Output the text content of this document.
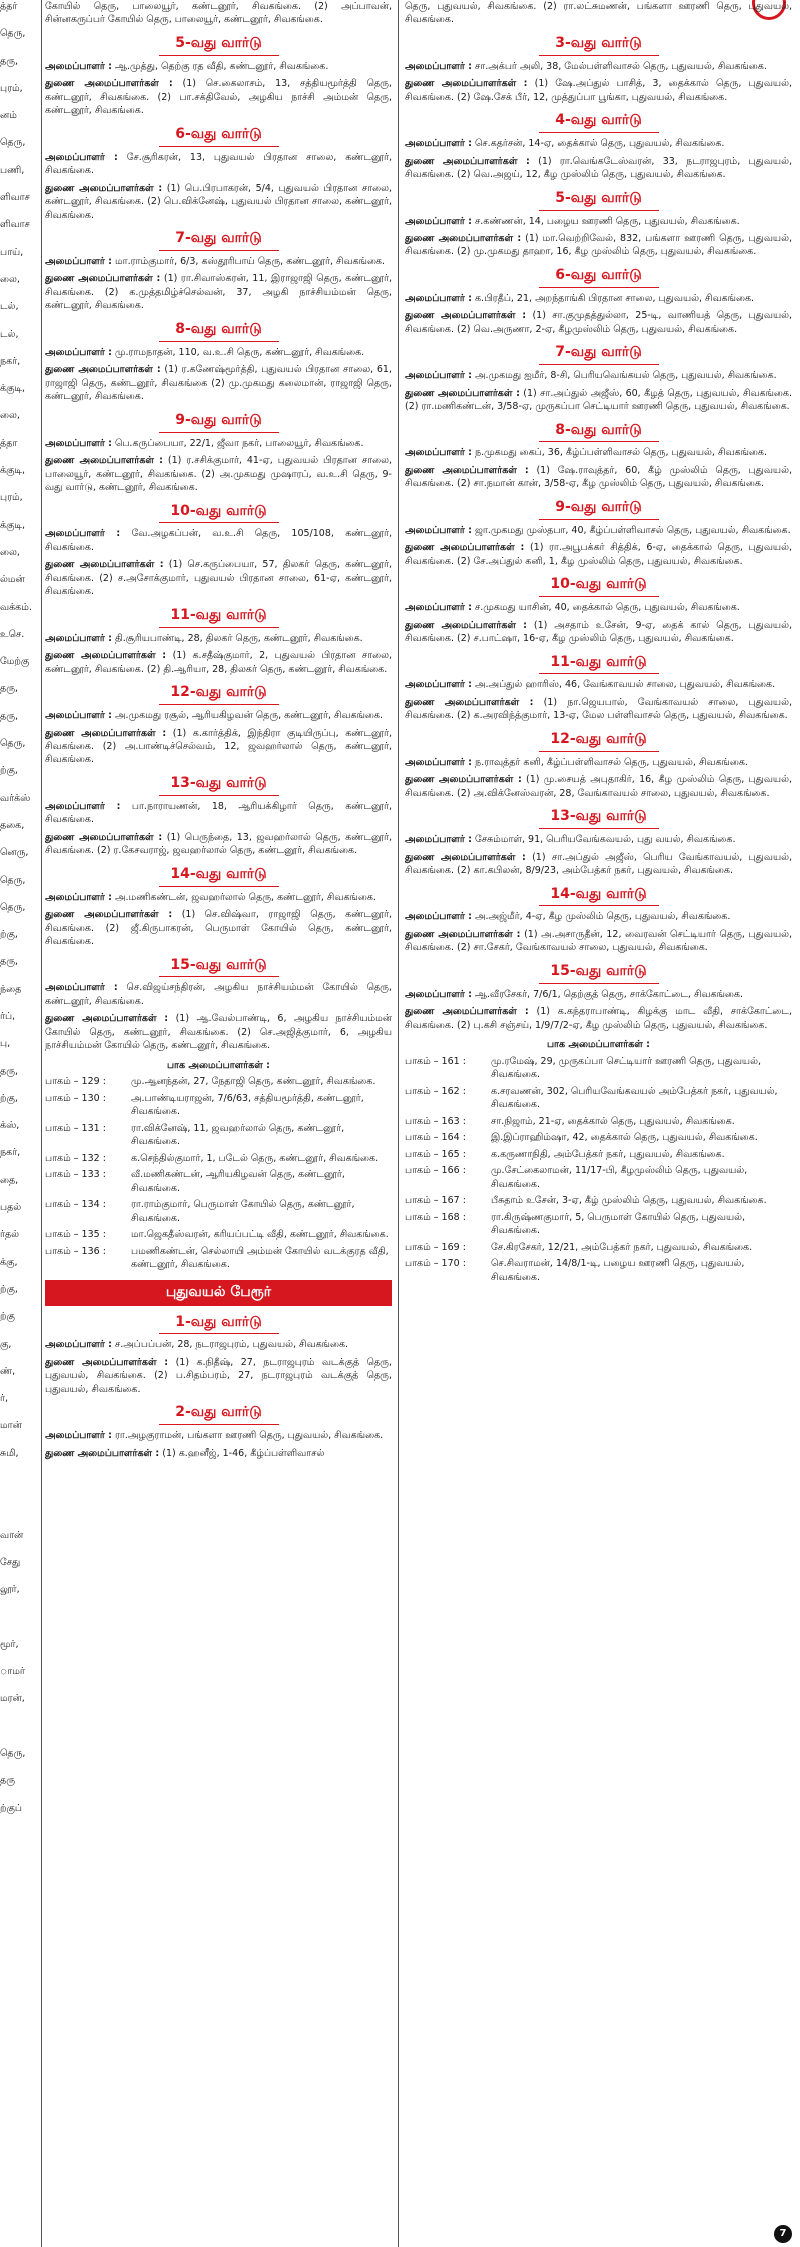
த்தர்
தெரு,
தரு,
புரம்,
னம்
தெரு,
பணி,
ளிவாச
ளிவாச
பாய்,
லை,
டல்,
டல்,
நகர்,
க்குடி,
லை,
த்தா
க்குடி,
புரம்,
க்குடி,
லை,
ல்மன்
வக்கம்.
உசெ.
மேற்கு
தரு,
தரு,
தெரு,
ற்கு,
வர்க்ஸ்
தகை,
னெரு,
தெரு,
தெரு,
ற்கு,
தரு,
ந்தை
ர்ப்,
பு,
தரு,
ற்கு,
க்ஸ்,
நகர்,
தை,
பதல்
ர்தல்
க்கு,
ற்கு,
ற்கு
கு,
ண்,
ர்,
மான்
சுமி,
வான்
சேது
லூர்,
மூர்,
ாமர்
மரன்,
தெரு,
தரு
ற்குப்
கோயில் தெரு, பாலையூர், கண்டனூர், சிவகங்கை. (2) அப்பாவன், சின்னகருப்பர் கோயில் தெரு, பாலையூர், கண்டனூர், சிவகங்கை.
5-வது வார்டு
அமைப்பாளர் : ஆ.முத்து, தெற்கு ரத வீதி, கண்டனூர், சிவகங்கை.
துணை அமைப்பாளர்கள் : (1) செ.கைலாசம், 13, சத்தியமூர்த்தி தெரு, கண்டனூர், சிவகங்கை. (2) பா.சக்திவேல், அழகிய நாச்சி அம்மன் தெரு, கண்டனூர், சிவகங்கை.
6-வது வார்டு
அமைப்பாளர் : சே.சூரிகரன், 13, புதுவயல் பிரதான சாலை, கண்டனூர், சிவகங்கை.
துணை அமைப்பாளர்கள் : (1) பெ.பிரபாகரன், 5/4, புதுவயல் பிரதான சாலை, கண்டனூர், சிவகங்கை. (2) பெ.விக்னேஷ், புதுவயல் பிரதான சாலை, கண்டனூர், சிவகங்கை.
7-வது வார்டு
அமைப்பாளர் : மா.ராம்குமார், 6/3, கஸ்தூரிபாய் தெரு, கண்டனூர், சிவகங்கை.
துணை அமைப்பாளர்கள் : (1) ரா.சிவாஸ்கரன், 11, இராஜாஜி தெரு, கண்டனூர், சிவகங்கை. (2) க.முத்தமிழ்ச்செல்வன், 37, அழகி நாச்சியம்மன் தெரு, கண்டனூர், சிவகங்கை.
8-வது வார்டு
அமைப்பாளர் : மு.ராமநாதன், 110, வ.உ.சி தெரு, கண்டனூர், சிவகங்கை.
துணை அமைப்பாளர்கள் : (1) ர.கணேஷ்மூர்த்தி, புதுவயல் பிரதான சாலை, 61, ராஜாஜி தெரு, கண்டனூர், சிவகங்கை (2) மு.முகமது கலைமான், ராஜாஜி தெரு, கண்டனூர், சிவகங்கை.
9-வது வார்டு
அமைப்பாளர் : பெ.கருப்பையா, 22/1, ஜீவா நகர், பாலையூர், சிவகங்கை.
துணை அமைப்பாளர்கள் : (1) ர.சசிக்குமார், 41-ஏ, புதுவயல் பிரதான சாலை, பாலையூர், கண்டனூர், சிவகங்கை. (2) அ.முகமது முஷாரப், வ.உ.சி தெரு, 9-வது வார்டு, கண்டனூர், சிவகங்கை.
10-வது வார்டு
அமைப்பாளர் : வே.அழகப்பன், வ.உ.சி தெரு, 105/108, கண்டனூர், சிவகங்கை.
துணை அமைப்பாளர்கள் : (1) செ.கருப்பையா, 57, திலகர் தெரு, கண்டனூர், சிவகங்கை. (2) ச.அசோக்குமார், புதுவயல் பிரதான சாலை, 61-ஏ, கண்டனூர், சிவகங்கை.
11-வது வார்டு
அமைப்பாளர் : தி.சூரியபாண்டி, 28, திலகர் தெரு, கண்டனூர், சிவகங்கை.
துணை அமைப்பாளர்கள் : (1) க.சதீஷ்குமார், 2, புதுவயல் பிரதான சாலை, கண்டனூர், சிவகங்கை. (2) தி.ஆரியா, 28, திலகர் தெரு, கண்டனூர், சிவகங்கை.
12-வது வார்டு
அமைப்பாளர் : அ.முகமது ரசூல், ஆரியகிழவன் தெரு, கண்டனூர், சிவகங்கை.
துணை அமைப்பாளர்கள் : (1) க.கார்த்திக், இந்திரா குடியிருப்பு, கண்டனூர், சிவகங்கை. (2) அ.பாண்டிச்செல்வம், 12, ஜவஹர்லால் தெரு, கண்டனூர், சிவகங்கை.
13-வது வார்டு
அமைப்பாளர் : பா.நாராயணன், 18, ஆரியக்கிழார் தெரு, கண்டனூர், சிவகங்கை.
துணை அமைப்பாளர்கள் : (1) பெருந்தை, 13, ஜவஹர்லால் தெரு, கண்டனூர், சிவகங்கை. (2) ர.கேசவராஜ், ஜவஹர்லால் தெரு, கண்டனூர், சிவகங்கை.
14-வது வார்டு
அமைப்பாளர் : அ.மணிகண்டன், ஜவஹர்லால் தெரு, கண்டனூர், சிவகங்கை.
துணை அமைப்பாளர்கள் : (1) செ.விஷ்வா, ராஜாஜி தெரு, கண்டனூர், சிவகங்கை. (2) ஜீ.கிருபாகரன், பெருமாள் கோயில் தெரு, கண்டனூர், சிவகங்கை.
15-வது வார்டு
அமைப்பாளர் : செ.விஜய்சந்திரன், அழகிய நாச்சியம்மன் கோயில் தெரு, கண்டனூர், சிவகங்கை.
துணை அமைப்பாளர்கள் : (1) ஆ.வேல்பாண்டி, 6, அழகிய நாச்சியம்மன் கோயில் தெரு, கண்டனூர், சிவகங்கை. (2) செ.அஜித்குமார், 6, அழகிய நாச்சியம்மன் கோயில் தெரு, கண்டனூர், சிவகங்கை.
பாக அமைப்பாளர்கள் :
பாகம் – 129 :	மு.ஆனந்தன், 27, நேதாஜி தெரு, கண்டனூர், சிவகங்கை.
பாகம் – 130 :	அ.பாண்டியராஜன், 7/6/63, சத்தியமூர்த்தி, கண்டனூர், சிவகங்கை.
பாகம் – 131 :	ரா.விக்னேஷ், 11, ஜவஹர்லால் தெரு, கண்டனூர், சிவகங்கை.
பாகம் – 132 :	க.செந்தில்குமார், 1, படேல் தெரு, கண்டனூர், சிவகங்கை.
பாகம் – 133 :	வீ.மணிகண்டன், ஆரியகிழவன் தெரு, கண்டனூர், சிவகங்கை.
பாகம் – 134 :	ரா.ராம்குமார், பெருமாள் கோயில் தெரு, கண்டனூர், சிவகங்கை.
பாகம் – 135 :	மா.ஜெகதீஸ்வரன், கரியப்பட்டி வீதி, கண்டனூர், சிவகங்கை.
பாகம் – 136 :	பமணிகண்டன், செல்லாயி அம்மன் கோயில் வடக்குரத வீதி, கண்டனூர், சிவகங்கை.
புதுவயல் பேரூர்
1-வது வார்டு
அமைப்பாளர் : ச.அப்பப்பன், 28, நடராஜபுரம், புதுவயல், சிவகங்கை.
துணை அமைப்பாளர்கள் : (1) க.நிதீஷ், 27, நடராஜபுரம் வடக்குத் தெரு, புதுவயல், சிவகங்கை. (2) ப.சிதம்பரம், 27, நடராஜபுரம் வடக்குத் தெரு, புதுவயல், சிவகங்கை.
2-வது வார்டு
அமைப்பாளர் : ரா.அழகுராமன், பங்களா ஊரணி தெரு, புதுவயல், சிவகங்கை.
துணை அமைப்பாளர்கள் : (1) க.ஹனீஜ், 1-46, கீழ்ப்பள்ளிவாசல்
தெரு, புதுவயல், சிவகங்கை. (2) ரா.லட்சுமணன், பங்களா ஊரணி தெரு, புதுவயல், சிவகங்கை.
3-வது வார்டு
அமைப்பாளர் : சா.அக்பர் அலி, 38, மேல்பள்ளிவாசல் தெரு, புதுவயல், சிவகங்கை.
துணை அமைப்பாளர்கள் : (1) ஷே.அப்துல் பாசித், 3, தைக்கால் தெரு, புதுவயல், சிவகங்கை. (2) ஷே.சேக் பீர், 12, முத்துப்பா பூங்கா, புதுவயல், சிவகங்கை.
4-வது வார்டு
அமைப்பாளர் : செ.கதர்சன், 14-ஏ, தைக்கால் தெரு, புதுவயல், சிவகங்கை.
துணை அமைப்பாளர்கள் : (1) ரா.வெங்கடேஸ்வரன், 33, நடராஜபுரம், புதுவயல், சிவகங்கை. (2) வெ.அஜய், 12, கீழ முஸ்லிம் தெரு, புதுவயல், சிவகங்கை.
5-வது வார்டு
அமைப்பாளர் : ச.கண்ணன், 14, பழைய ஊரணி தெரு, புதுவயல், சிவகங்கை.
துணை அமைப்பாளர்கள் : (1) மா.வெற்றிவேல், 832, பங்களா ஊரணி தெரு, புதுவயல், சிவகங்கை. (2) மு.முகமது தாஹா, 16, கீழ முஸ்லிம் தெரு, புதுவயல், சிவகங்கை.
6-வது வார்டு
அமைப்பாளர் : க.பிரதீப், 21, அறந்தாங்கி பிரதான சாலை, புதுவயல், சிவகங்கை.
துணை அமைப்பாளர்கள் : (1) சா.குமுதத்துல்லா, 25-டி, வாணியத் தெரு, புதுவயல், சிவகங்கை. (2) வெ.அருணா, 2-ஏ, கீழமுஸ்லிம் தெரு, புதுவயல், சிவகங்கை.
7-வது வார்டு
அமைப்பாளர் : அ.முகமது ஐமீர், 8-சி, பெரியவெங்கயல் தெரு, புதுவயல், சிவகங்கை.
துணை அமைப்பாளர்கள் : (1) சா.அப்துல் அஜீஸ், 60, கீழத் தெரு, புதுவயல், சிவகங்கை. (2) ரா.மணிகண்டன், 3/58-ஏ, முருகப்பா செட்டியார் ஊரணி தெரு, புதுவயல், சிவகங்கை.
8-வது வார்டு
அமைப்பாளர் : ந.முகமது கைப், 36, கீழ்ப்பள்ளிவாசல் தெரு, புதுவயல், சிவகங்கை.
துணை அமைப்பாளர்கள் : (1) ஷே.ராவுத்தர், 60, கீழ் முஸ்லிம் தெரு, புதுவயல், சிவகங்கை. (2) சா.நமான் கான், 3/58-ஏ, கீழ முஸ்லிம் தெரு, புதுவயல், சிவகங்கை.
9-வது வார்டு
அமைப்பாளர் : ஜா.முகமது முஸ்தபா, 40, கீழ்ப்பள்ளிவாசல் தெரு, புதுவயல், சிவகங்கை.
துணை அமைப்பாளர்கள் : (1) ரா.அபூபக்கர் சித்திக், 6-ஏ, தைக்கால் தெரு, புதுவயல், சிவகங்கை. (2) சே.அப்துல் கனி, 1, கீழ முஸ்லிம் தெரு, புதுவயல், சிவகங்கை.
10-வது வார்டு
அமைப்பாளர் : ச.முகமது யாசின், 40, தைக்கால் தெரு, புதுவயல், சிவகங்கை.
துணை அமைப்பாளர்கள் : (1) அசதாம் உசேன், 9-ஏ, தைக் கால் தெரு, புதுவயல், சிவகங்கை. (2) ச.பாட்ஷா, 16-ஏ, கீழ முஸ்லிம் தெரு, புதுவயல், சிவகங்கை.
11-வது வார்டு
அமைப்பாளர் : அ.அப்துல் ஹாரிஸ், 46, வேங்காவயல் சாலை, புதுவயல், சிவகங்கை.
துணை அமைப்பாளர்கள் : (1) நா.ஜெயபால், வேங்காவயல் சாலை, புதுவயல், சிவகங்கை. (2) க.அரவிந்த்குமார், 13-ஏ, மேல பள்ளிவாசல் தெரு, புதுவயல், சிவகங்கை.
12-வது வார்டு
அமைப்பாளர் : ந.ராவுத்தர் கனி, கீழ்ப்பள்ளிவாசல் தெரு, புதுவயல், சிவகங்கை.
துணை அமைப்பாளர்கள் : (1) மு.சையத் அபுதாகிர், 16, கீழ முஸ்லிம் தெரு, புதுவயல், சிவகங்கை. (2) அ.விக்னேஸ்வரன், 28, வேங்காவயல் சாலை, புதுவயல், சிவகங்கை.
13-வது வார்டு
அமைப்பாளர் : சேசும்மாள், 91, பெரியவேங்கவயல், புது வயல், சிவகங்கை.
துணை அமைப்பாளர்கள் : (1) சா.அப்துல் அஜீஸ், பெரிய வேங்காவயல், புதுவயல், சிவகங்கை. (2) கா.கபிலன், 8/9/23, அம்பேத்கர் நகர், புதுவயல், சிவகங்கை.
14-வது வார்டு
அமைப்பாளர் : அ.அஜ்மீர், 4-ஏ, கீழ முஸ்லிம் தெரு, புதுவயல், சிவகங்கை.
துணை அமைப்பாளர்கள் : (1) அ.அசாருதீன், 12, வைரவன் செட்டியார் தெரு, புதுவயல், சிவகங்கை. (2) சா.சேகர், வேங்காவயல் சாலை, புதுவயல், சிவகங்கை.
15-வது வார்டு
அமைப்பாளர் : ஆ.வீரசேகர், 7/6/1, தெற்குத் தெரு, சாக்கோட்டை, சிவகங்கை.
துணை அமைப்பாளர்கள் : (1) க.கந்தராபாண்டி, கிழக்கு மாட வீதி, சாக்கோட்டை, சிவகங்கை. (2) பு.கசி சஞ்சய், 1/9/7/2-ஏ, கீழ முஸ்லிம் தெரு, புதுவயல், சிவகங்கை.
பாக அமைப்பாளர்கள் :
பாகம் – 161 :	மு.ரமேஷ், 29, முருகப்பா செட்டியார் ஊரணி தெரு, புதுவயல், சிவகங்கை.
பாகம் – 162 :	க.சரவணன், 302, பெரியவேங்கவயல் அம்பேத்கர் நகர், புதுவயல், சிவகங்கை.
பாகம் – 163 :	சா.நிஜாம், 21-ஏ, தைக்கால் தெரு, புதுவயல், சிவகங்கை.
பாகம் – 164 :	இ.இப்ராஹிம்ஷா, 42, தைக்கால் தெரு, புதுவயல், சிவகங்கை.
பாகம் – 165 :	க.கருணாநிதி, அம்பேத்கர் நகர், புதுவயல், சிவகங்கை.
பாகம் – 166 :	மு.சேட்கைலாமன், 11/17-பி, கீழமுஸ்லிம் தெரு, புதுவயல், சிவகங்கை.
பாகம் – 167 :	பீசுதாம் உசேன், 3-ஏ, கீழ் முஸ்லிம் தெரு, புதுவயல், சிவகங்கை.
பாகம் – 168 :	ரா.கிருஷ்ணகுமார், 5, பெருமாள் கோயில் தெரு, புதுவயல், சிவகங்கை.
பாகம் – 169 :	சே.கிரசேகர், 12/21, அம்பேத்கர் நகர், புதுவயல், சிவகங்கை.
பாகம் – 170 :	செ.சிவராமன், 14/8/1-டி, பழைய ஊரணி தெரு, புதுவயல், சிவகங்கை.
7
